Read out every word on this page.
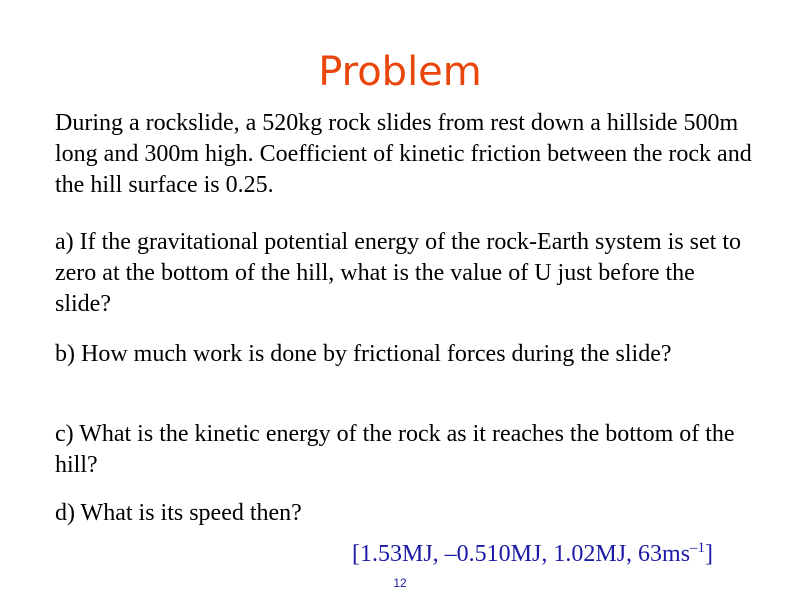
Problem

During a rockslide, a 520kg rock slides from rest down a hillside 500m long and 300m high. Coefficient of kinetic friction between the rock and the hill surface is 0.25.

a) If the gravitational potential energy of the rock-Earth system is set to zero at the bottom of the hill, what is the value of U just before the slide?

b) How much work is done by frictional forces during the slide?

c) What is the kinetic energy of the rock as it reaches the bottom of the hill?

d) What is its speed then?

[1.53MJ, –0.510MJ, 1.02MJ, $63ms^{-1}$]
12
